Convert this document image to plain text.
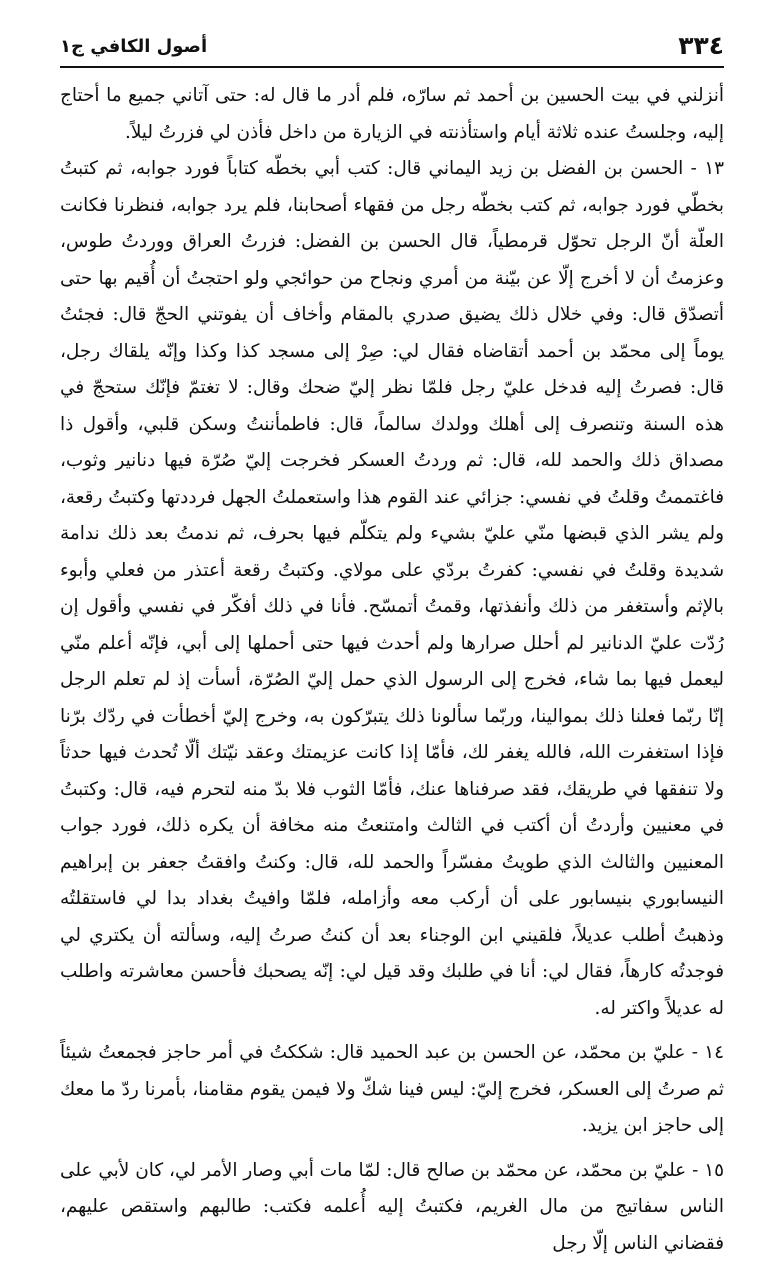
٣٣٤
أصول الكافي ج١

أنزلني في بيت الحسين بن أحمد ثم سارّه، فلم أدر ما قال له: حتى آتاني جميع ما أحتاج إليه، وجلستُ عنده ثلاثة أيام واستأذنته في الزيارة من داخل فأذن لي فزرتُ ليلاً.

١٣ - الحسن بن الفضل بن زيد اليماني قال: كتب أبي بخطّه كتاباً فورد جوابه، ثم كتبتُ بخطّي فورد جوابه، ثم كتب بخطّه رجل من فقهاء أصحابنا، فلم يرد جوابه، فنظرنا فكانت العلّة أنّ الرجل تحوّل قرمطياً، قال الحسن بن الفضل: فزرتُ العراق ووردتُ طوس، وعزمتُ أن لا أخرج إلّا عن بيّنة من أمري ونجاح من حوائجي ولو احتجتُ أن أُقيم بها حتى أتصدّق قال: وفي خلال ذلك يضيق صدري بالمقام وأخاف أن يفوتني الحجّ قال: فجئتُ يوماً إلى محمّد بن أحمد أتقاضاه فقال لي: صِرْ إلى مسجد كذا وكذا وإنّه يلقاك رجل، قال: فصرتُ إليه فدخل عليّ رجل فلمّا نظر إليّ ضحك وقال: لا تغتمّ فإنّك ستحجّ في هذه السنة وتنصرف إلى أهلك وولدك سالماً، قال: فاطمأننتُ وسكن قلبي، وأقول ذا مصداق ذلك والحمد لله، قال: ثم وردتُ العسكر فخرجت إليّ صُرّة فيها دنانير وثوب، فاغتممتُ وقلتُ في نفسي: جزائي عند القوم هذا واستعملتُ الجهل فرددتها وكتبتُ رقعة، ولم يشر الذي قبضها منّي عليّ بشيء ولم يتكلّم فيها بحرف، ثم ندمتُ بعد ذلك ندامة شديدة وقلتُ في نفسي: كفرتُ بردّي على مولاي. وكتبتُ رقعة أعتذر من فعلي وأبوء بالإثم وأستغفر من ذلك وأنفذتها، وقمتُ أتمسّح. فأنا في ذلك أفكّر في نفسي وأقول إن رُدّت عليّ الدنانير لم أحلل صرارها ولم أحدث فيها حتى أحملها إلى أبي، فإنّه أعلم منّي ليعمل فيها بما شاء، فخرج إلى الرسول الذي حمل إليّ الصُرّة، أسأت إذ لم تعلم الرجل إنّا ربّما فعلنا ذلك بموالينا، وربّما سألونا ذلك يتبرّكون به، وخرج إليّ أخطأت في ردّك برّنا فإذا استغفرت الله، فالله يغفر لك، فأمّا إذا كانت عزيمتك وعقد نيّتك ألّا تُحدث فيها حدثاً ولا تنفقها في طريقك، فقد صرفناها عنك، فأمّا الثوب فلا بدّ منه لتحرم فيه، قال: وكتبتُ في معنيين وأردتُ أن أكتب في الثالث وامتنعتُ منه مخافة أن يكره ذلك، فورد جواب المعنيين والثالث الذي طويتُ مفسّراً والحمد لله، قال: وكنتُ وافقتُ جعفر بن إبراهيم النيسابوري بنيسابور على أن أركب معه وأزامله، فلمّا وافيتُ بغداد بدا لي فاستقلتُه وذهبتُ أطلب عديلاً، فلقيني ابن الوجناء بعد أن كنتُ صرتُ إليه، وسألته أن يكتري لي فوجدتُه كارهاً، فقال لي: أنا في طلبك وقد قيل لي: إنّه يصحبك فأحسن معاشرته واطلب له عديلاً واكتر له.

١٤ - عليّ بن محمّد، عن الحسن بن عبد الحميد قال: شككتُ في أمر حاجز فجمعتُ شيئاً ثم صرتُ إلى العسكر، فخرج إليّ: ليس فينا شكّ ولا فيمن يقوم مقامنا، بأمرنا ردّ ما معك إلى حاجز ابن يزيد.

١٥ - عليّ بن محمّد، عن محمّد بن صالح قال: لمّا مات أبي وصار الأمر لي، كان لأبي على الناس سفاتيج من مال الغريم، فكتبتُ إليه أُعلمه فكتب: طالبهم واستقص عليهم، فقضاني الناس إلّا رجل
